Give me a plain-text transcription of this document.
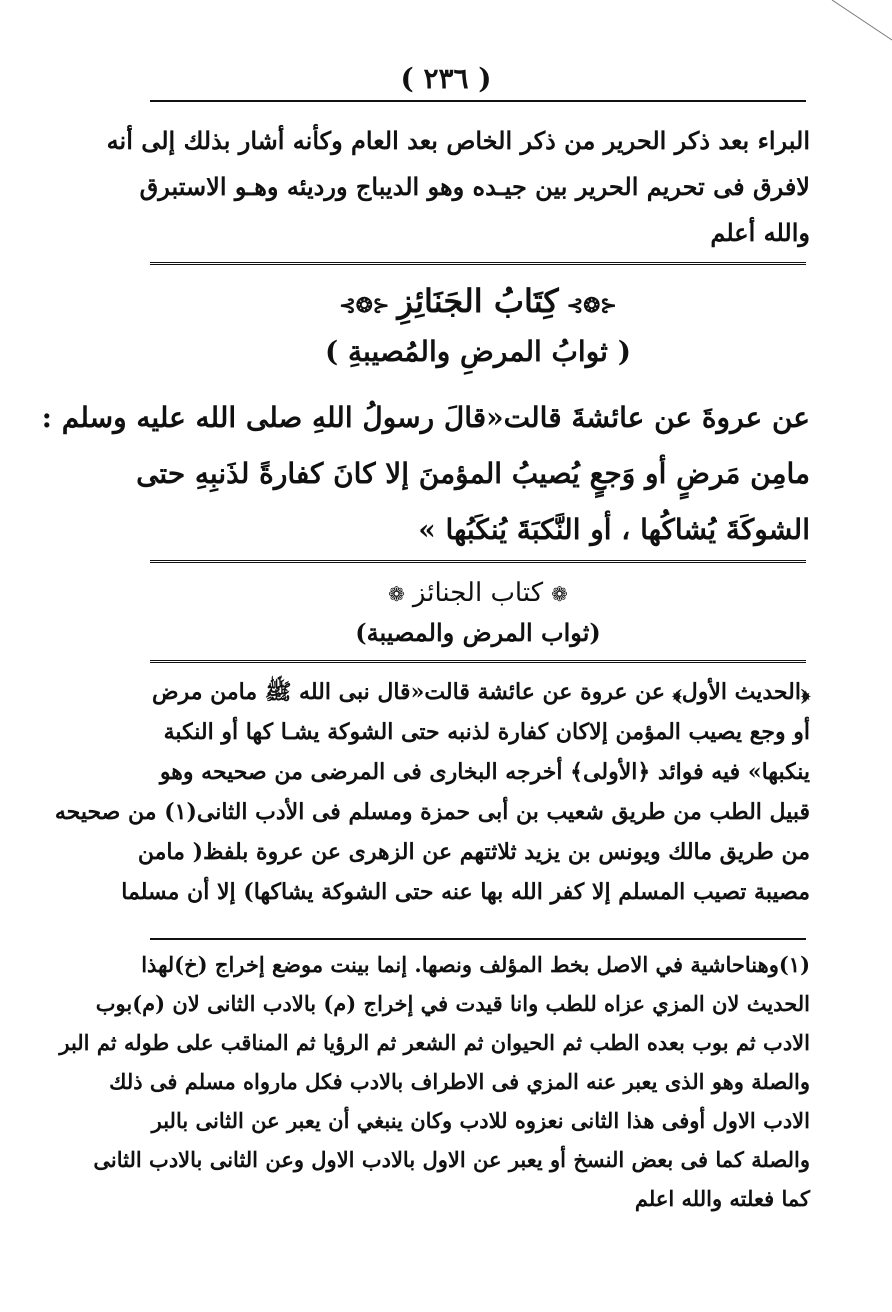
( ٢٣٦ )
البراء بعد ذكر الحرير من ذكر الخاص بعد العام وكأنه أشار بذلك إلى أنه
لافرق فى تحريم الحرير بين جيـده وهو الديباج ورديئه وهـو الاستبرق
والله أعلم
⊰❂⊱كِتَابُ الجَنَائِزِ⊰❂⊱
( ثوابُ المرضِ والمُصيبةِ )
عن عروةَ عن عائشةَ قالت«قالَ رسولُ اللهِ صلى الله عليه وسلم :
مامِن مَرضٍ أو وَجعٍ يُصيبُ المؤمنَ إلا كانَ كفارةً لذَنبِهِ حتى
الشوكَةَ يُشاكُها ، أو النَّكبَةَ يُنكَبُها »
❁كتاب الجنائز❁
(ثواب المرض والمصيبة)
﴿الحديث الأول﴾ عن عروة عن عائشة قالت«قال نبى الله ﷺ مامن مرض
أو وجع يصيب المؤمن إلاكان كفارة لذنبه حتى الشوكة يشـا كها أو النكبة
ينكبها» فيه فوائد ﴿الأولى﴾ أخرجه البخارى فى المرضى من صحيحه وهو
قبيل الطب من طريق شعيب بن أبى حمزة ومسلم فى الأدب الثانى(١) من صحيحه
من طريق مالك ويونس بن يزيد ثلاثتهم عن الزهرى عن عروة بلفظ( مامن
مصيبة تصيب المسلم إلا كفر الله بها عنه حتى الشوكة يشاكها) إلا أن مسلما
(١)وهناحاشية في الاصل بخط المؤلف ونصها. إنما بينت موضع إخراج (خ)لهذا
الحديث لان المزي عزاه للطب وانا قيدت في إخراج (م) بالادب الثانى لان (م)بوب
الادب ثم بوب بعده الطب ثم الحيوان ثم الشعر ثم الرؤيا ثم المناقب على طوله ثم البر
والصلة وهو الذى يعبر عنه المزي فى الاطراف بالادب فكل مارواه مسلم فى ذلك
الادب الاول أوفى هذا الثانى نعزوه للادب وكان ينبغي أن يعبر عن الثانى بالبر
والصلة كما فى بعض النسخ أو يعبر عن الاول بالادب الاول وعن الثانى بالادب الثانى
كما فعلته والله اعلم
